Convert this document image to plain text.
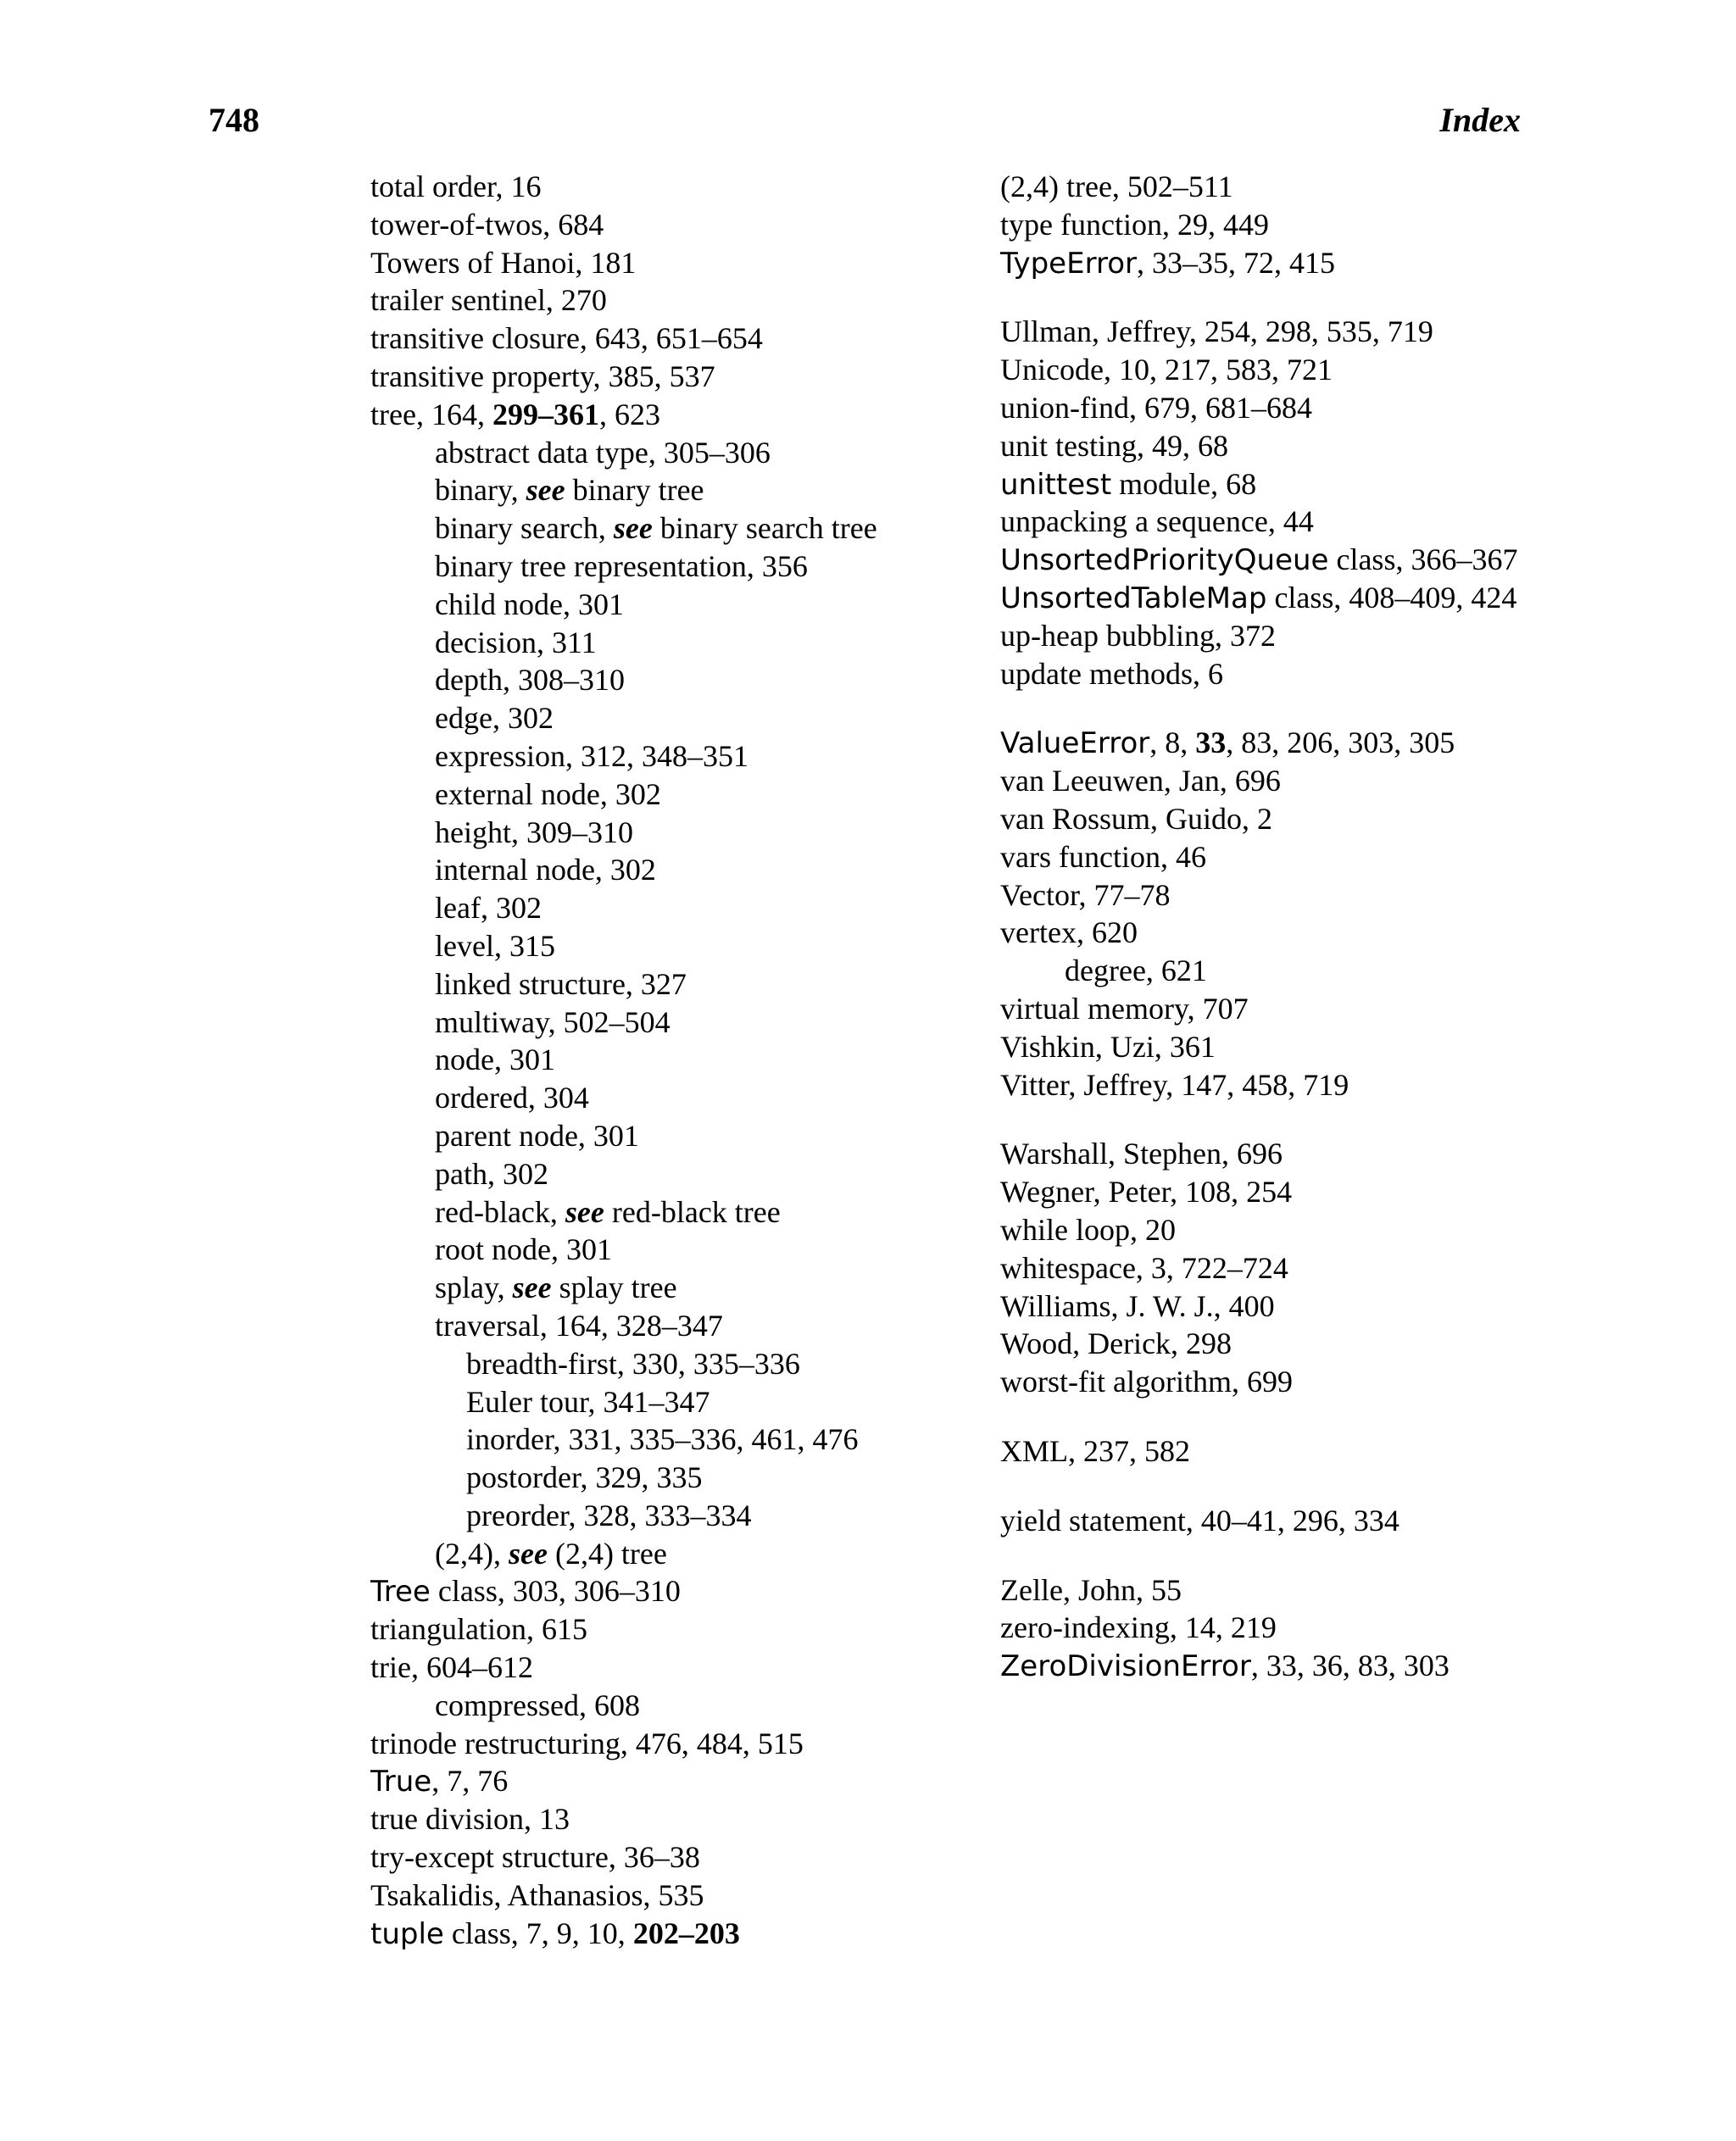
748	Index
total order, 16
tower-of-twos, 684
Towers of Hanoi, 181
trailer sentinel, 270
transitive closure, 643, 651–654
transitive property, 385, 537
tree, 164, 299–361, 623
abstract data type, 305–306
binary, see binary tree
binary search, see binary search tree
binary tree representation, 356
child node, 301
decision, 311
depth, 308–310
edge, 302
expression, 312, 348–351
external node, 302
height, 309–310
internal node, 302
leaf, 302
level, 315
linked structure, 327
multiway, 502–504
node, 301
ordered, 304
parent node, 301
path, 302
red-black, see red-black tree
root node, 301
splay, see splay tree
traversal, 164, 328–347
breadth-first, 330, 335–336
Euler tour, 341–347
inorder, 331, 335–336, 461, 476
postorder, 329, 335
preorder, 328, 333–334
(2,4), see (2,4) tree
Tree class, 303, 306–310
triangulation, 615
trie, 604–612
compressed, 608
trinode restructuring, 476, 484, 515
True, 7, 76
true division, 13
try-except structure, 36–38
Tsakalidis, Athanasios, 535
tuple class, 7, 9, 10, 202–203
(2,4) tree, 502–511
type function, 29, 449
TypeError, 33–35, 72, 415
Ullman, Jeffrey, 254, 298, 535, 719
Unicode, 10, 217, 583, 721
union-find, 679, 681–684
unit testing, 49, 68
unittest module, 68
unpacking a sequence, 44
UnsortedPriorityQueue class, 366–367
UnsortedTableMap class, 408–409, 424
up-heap bubbling, 372
update methods, 6
ValueError, 8, 33, 83, 206, 303, 305
van Leeuwen, Jan, 696
van Rossum, Guido, 2
vars function, 46
Vector, 77–78
vertex, 620
degree, 621
virtual memory, 707
Vishkin, Uzi, 361
Vitter, Jeffrey, 147, 458, 719
Warshall, Stephen, 696
Wegner, Peter, 108, 254
while loop, 20
whitespace, 3, 722–724
Williams, J. W. J., 400
Wood, Derick, 298
worst-fit algorithm, 699
XML, 237, 582
yield statement, 40–41, 296, 334
Zelle, John, 55
zero-indexing, 14, 219
ZeroDivisionError, 33, 36, 83, 303
